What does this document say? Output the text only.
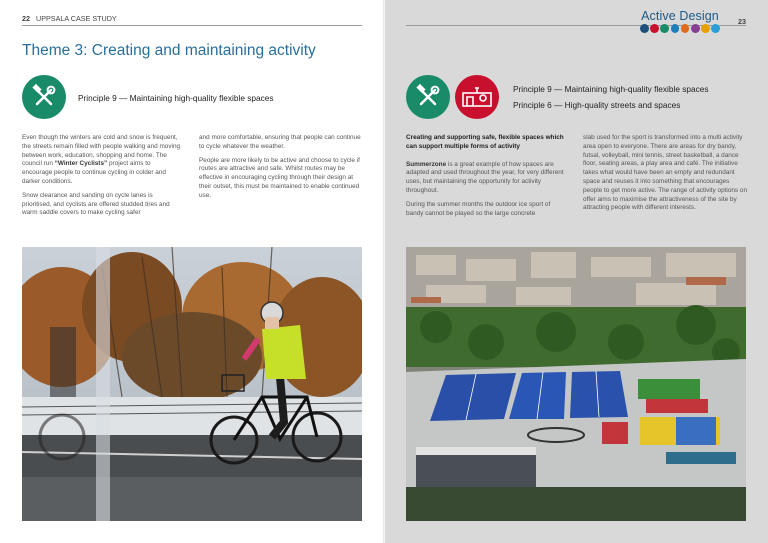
22 UPPSALA CASE STUDY
Theme 3: Creating and maintaining activity
Principle 9 — Maintaining high-quality flexible spaces

Even though the winters are cold and snow is frequent, the streets remain filled with people walking and moving between work, education, shopping and home. The council run “Winter Cyclists” project aims to encourage people to continue cycling in colder and darker conditions.

Snow clearance and sanding on cycle lanes is prioritised, and cyclists are offered studded tires and warm saddle covers to make cycling safer

and more comfortable, ensuring that people can continue to cycle whatever the weather.

People are more likely to be active and choose to cycle if routes are attractive and safe. Whilst routes may be effective in encouraging cycling through their design at their outset, this must be maintained to enable continued use.

23
Active Design
Principle 9 — Maintaining high-quality flexible spaces
Principle 6 — High-quality streets and spaces

Creating and supporting safe, flexible spaces which can support multiple forms of activity

Summerzone is a great example of how spaces are adapted and used throughout the year, for very different uses, but maintaining the opportunity for activity throughout.

During the summer months the outdoor ice sport of bandy cannot be played so the large concrete

slab used for the sport is transformed into a multi activity area open to everyone. There are areas for dry bandy, futsal, volleyball, mini tennis, street basketball, a dance floor, seating areas, a play area and café. The initiative takes what would have been an empty and redundant space and reuses it into something that encourages people to get more active. The range of activity options on offer aims to maximise the attractiveness of the site by attracting people with different interests.
